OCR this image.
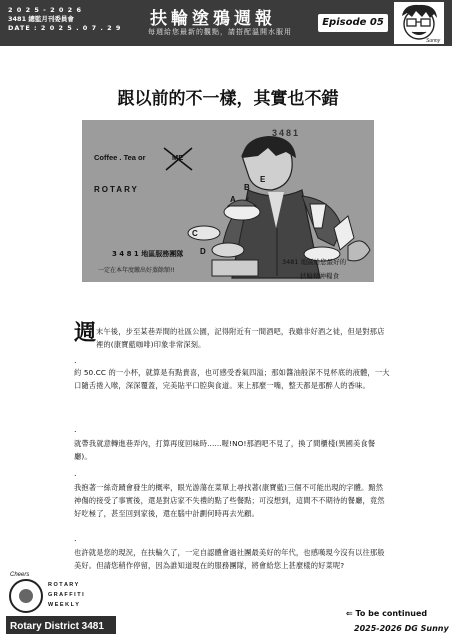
2 0 2 5 - 2 0 2 6
3481 總監月刊委員會
DATE : 2 0 2 5 . 0 7 . 2 9 扶輪塗鴉週報
每週給您最新的觀點，請搭配溫開水服用
Episode 05
Sunny
跟以前的不一樣，其實也不錯
Coffee . Tea or	ME
ROTARY
3481
A
B
C
D
E
3 4 8 1 地區服務團隊
一定在本年度繳出好蒸餘額!!
3481 地區給您最好的
扶輪精神糧食
週 末午後，步至某巷弄間的社區公園，記得附近有一間酒吧，我雖非好酒之徒，但是對那店裡的(康寶藍咖啡)印象非常深刻。
.
約 50.CC 的一小杯，就算是有點貴喜，也可感受香氣四溢；那如醬油般深不見杯底的液體，一大口隨舌捲入喉，深深覆蓋，完美貼平口腔與食道。來上那麼一嘴，整天都是那醉人的香味。
.
就帶我就意轉進巷弄內，打算再度回味時......喔!NO!那酒吧不見了，換了間櫃棧(異國美食餐廳)。
.
我抱著一絲奇蹟會發生的概率，眼光游蕩在菜單上尋找著(康寶藍)三個不可能出現的字體。黯然神傷的接受了事實後，還是對店家不失禮的點了些餐點；可沒想到，這間不不期待的餐廳，竟然好吃極了，甚至回到家後，還在腦中計劃何時再去光顧。
.
也許就是您的現況，在扶輪久了，一定自認體會過社團最美好的年代，也感嘆現今沒有以往那般美好。但請您稍作停留，因為誰知道現在的服務團隊，將會給您上甚麼樣的好菜呢?
Cheers
R O T A R Y
G R A F F I T I
W E E K L Y
Rotary District 3481
⇐ To be continued
2025-2026 DG Sunny
